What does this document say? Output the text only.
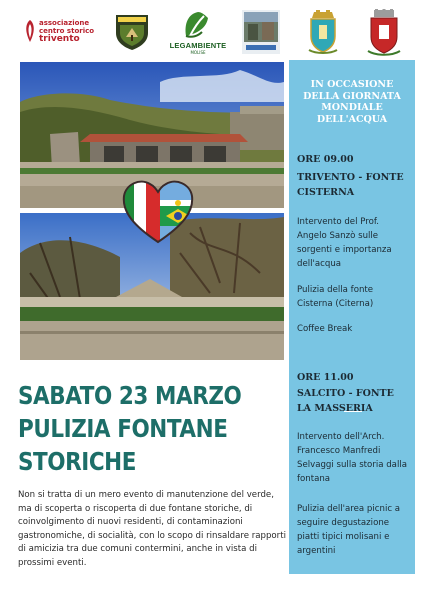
associazione
centro storico
trivento
LEGAMBIENTE
MOLISE
SABATO 23 MARZO
PULIZIA FONTANE
STORICHE
Non si tratta di un mero evento di manutenzione del verde, ma di scoperta o riscoperta di due fontane storiche, di coinvolgimento di nuovi residenti, di contaminazioni gastronomiche, di socialità, con lo scopo di rinsaldare rapporti di amicizia tra due comuni contermini, anche in vista di prossimi eventi.
IN OCCASIONE DELLA GIORNATA MONDIALE DELL'ACQUA
ORE 09.00
TRIVENTO - FONTE CISTERNA
Intervento del Prof. Angelo Sanzò sulle sorgenti e importanza dell'acqua
Pulizia della fonte Cisterna (Citerna)
Coffee Break
ORE 11.00
SALCITO - FONTE LA MASSERIA
Intervento dell'Arch. Francesco Manfredi Selvaggi sulla storia dalla fontana
Pulizia dell'area picnic a seguire degustazione piatti tipici molisani e argentini
